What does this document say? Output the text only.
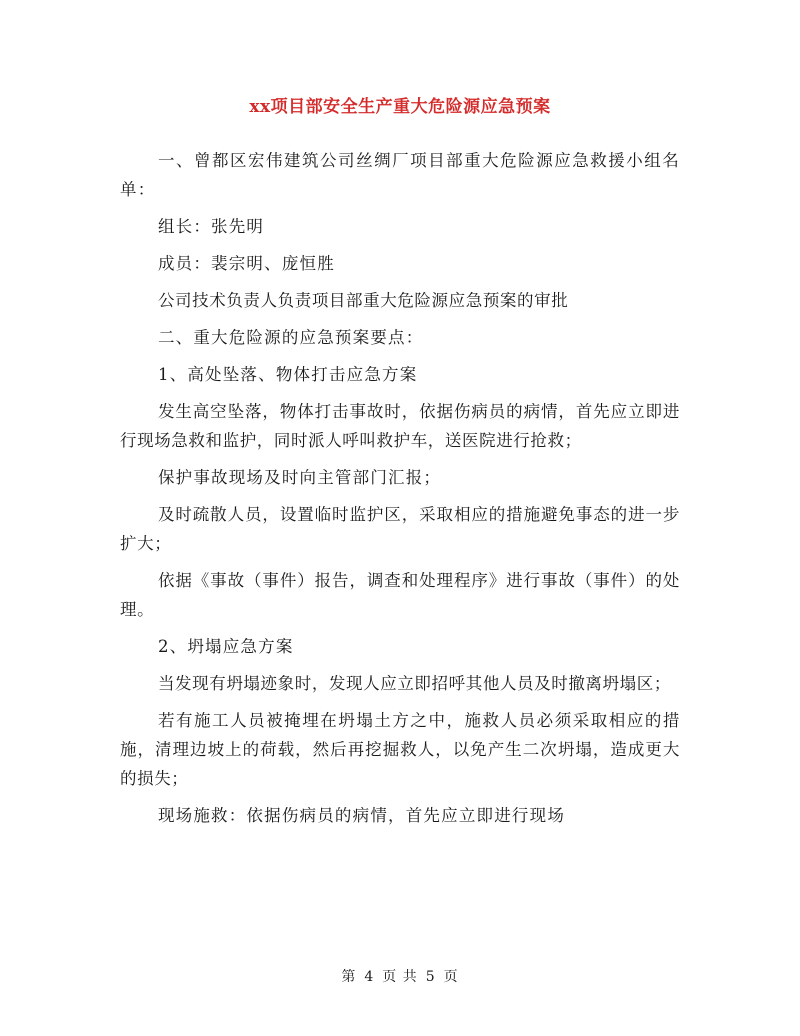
xx项目部安全生产重大危险源应急预案

一、曾都区宏伟建筑公司丝绸厂项目部重大危险源应急救援小组名单：

组长：张先明

成员：裴宗明、庞恒胜

公司技术负责人负责项目部重大危险源应急预案的审批

二、重大危险源的应急预案要点：

1、高处坠落、物体打击应急方案

发生高空坠落，物体打击事故时，依据伤病员的病情，首先应立即进行现场急救和监护，同时派人呼叫救护车，送医院进行抢救；

保护事故现场及时向主管部门汇报；

及时疏散人员，设置临时监护区，采取相应的措施避免事态的进一步扩大；

依据《事故（事件）报告，调查和处理程序》进行事故（事件）的处理。

2、坍塌应急方案

当发现有坍塌迹象时，发现人应立即招呼其他人员及时撤离坍塌区；

若有施工人员被掩埋在坍塌土方之中，施救人员必须采取相应的措施，清理边坡上的荷载，然后再挖掘救人，以免产生二次坍塌，造成更大的损失；

现场施救：依据伤病员的病情，首先应立即进行现场

第 4 页 共 5 页
